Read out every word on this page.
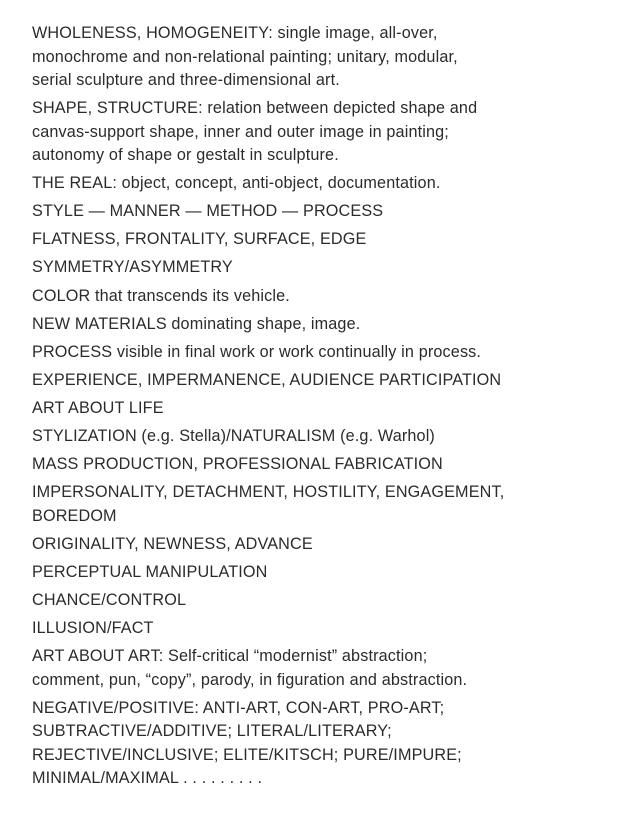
WHOLENESS, HOMOGENEITY: single image, all-over,
monochrome and non-relational painting; unitary, modular,
serial sculpture and three-dimensional art.
SHAPE, STRUCTURE: relation between depicted shape and
canvas-support shape, inner and outer image in painting;
autonomy of shape or gestalt in sculpture.
THE REAL: object, concept, anti-object, documentation.
STYLE — MANNER — METHOD — PROCESS
FLATNESS, FRONTALITY, SURFACE, EDGE
SYMMETRY/ASYMMETRY
COLOR that transcends its vehicle.
NEW MATERIALS dominating shape, image.
PROCESS visible in final work or work continually in process.
EXPERIENCE, IMPERMANENCE, AUDIENCE PARTICIPATION
ART ABOUT LIFE
STYLIZATION (e.g. Stella)/NATURALISM (e.g. Warhol)
MASS PRODUCTION, PROFESSIONAL FABRICATION
IMPERSONALITY, DETACHMENT, HOSTILITY, ENGAGEMENT,
BOREDOM
ORIGINALITY, NEWNESS, ADVANCE
PERCEPTUAL MANIPULATION
CHANCE/CONTROL
ILLUSION/FACT
ART ABOUT ART: Self-critical “modernist” abstraction;
comment, pun, “copy”, parody, in figuration and abstraction.
NEGATIVE/POSITIVE: ANTI-ART, CON-ART, PRO-ART;
SUBTRACTIVE/ADDITIVE; LITERAL/LITERARY;
REJECTIVE/INCLUSIVE; ELITE/KITSCH; PURE/IMPURE;
MINIMAL/MAXIMAL . . . . . . . . .
